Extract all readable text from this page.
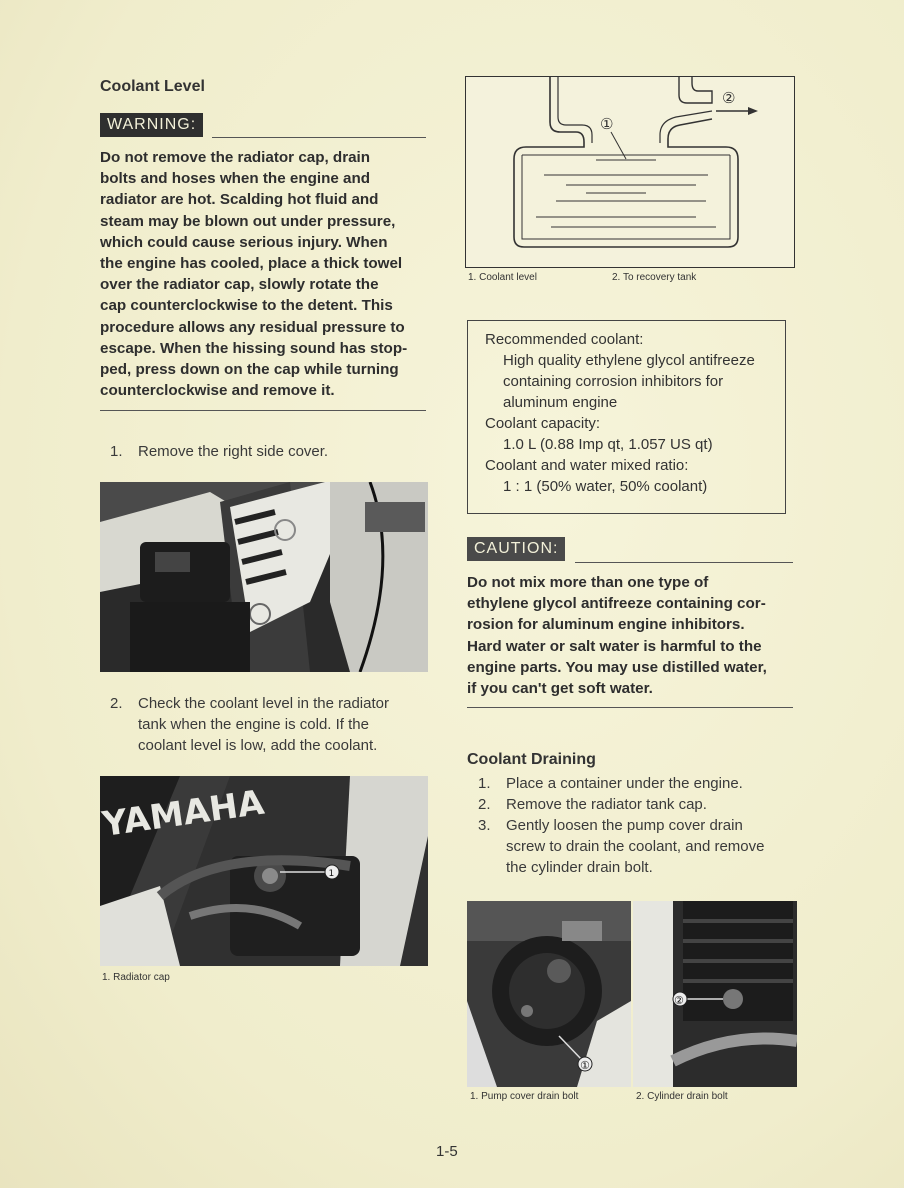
Coolant Level
WARNING:
Do not remove the radiator cap, drain
bolts and hoses when the engine and
radiator are hot. Scalding hot fluid and
steam may be blown out under pressure,
which could cause serious injury. When
the engine has cooled, place a thick towel
over the radiator cap, slowly rotate the
cap counterclockwise to the detent. This
procedure allows any residual pressure to
escape. When the hissing sound has stop-
ped, press down on the cap while turning
counterclockwise and remove it.
1. Remove the right side cover.
2. Check the coolant level in the radiator
tank when the engine is cold. If the
coolant level is low, add the coolant.
1
YAMAHA
1. Radiator cap
①
②
1. Coolant level	2. To recovery tank
Recommended coolant:
High quality ethylene glycol antifreeze
containing corrosion inhibitors for
aluminum engine
Coolant capacity:
1.0 L (0.88 Imp qt, 1.057 US qt)
Coolant and water mixed ratio:
1 : 1 (50% water, 50% coolant)
CAUTION:
Do not mix more than one type of
ethylene glycol antifreeze containing cor-
rosion for aluminum engine inhibitors.
Hard water or salt water is harmful to the
engine parts. You may use distilled water,
if you can't get soft water.
Coolant Draining
1. Place a container under the engine.
2. Remove the radiator tank cap.
3. Gently loosen the pump cover drain
screw to drain the coolant, and remove
the cylinder drain bolt.
①
②
1. Pump cover drain bolt	2. Cylinder drain bolt
1-5
